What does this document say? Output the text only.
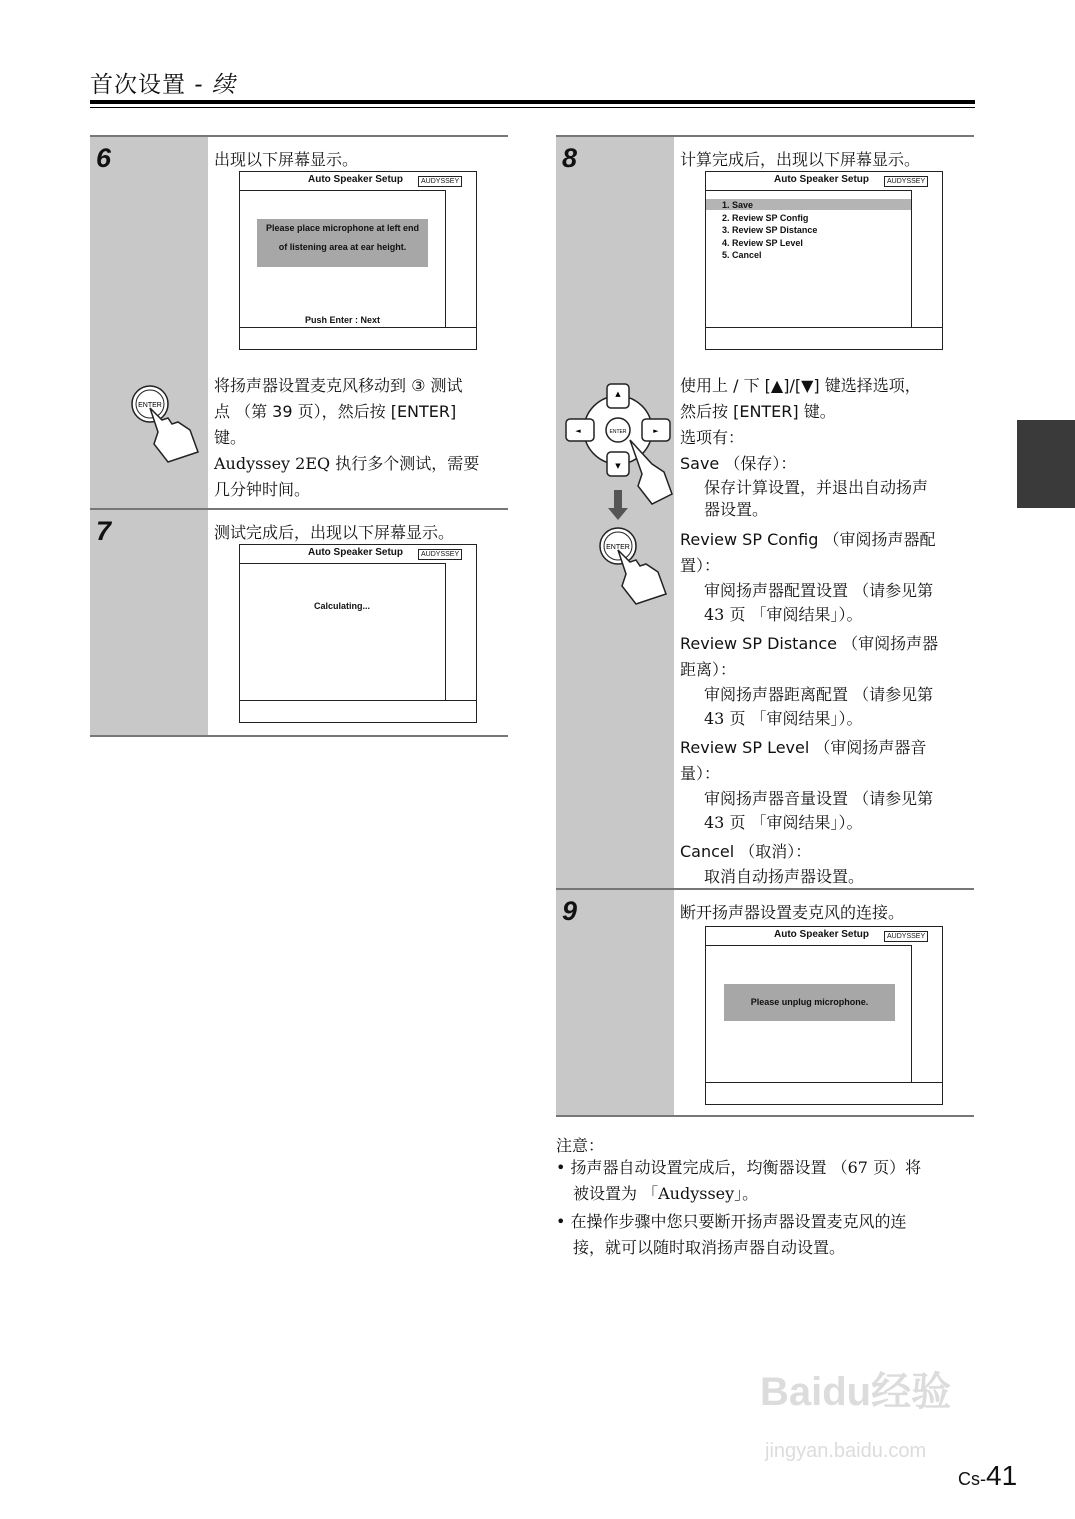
首次设置 - 续
6	出现以下屏幕显示。
Auto Speaker Setup	AUDYSSEY
Please place microphone at left end
of listening area at ear height.
Push Enter : Next
ENTER
将扬声器设置麦克风移动到 ③ 测试
点 （第 39 页），然后按 [ENTER]
键。
Audyssey 2EQ 执行多个测试，需要
几分钟时间。
7	测试完成后，出现以下屏幕显示。
Auto Speaker Setup	AUDYSSEY
Calculating...
8	计算完成后，出现以下屏幕显示。
Auto Speaker Setup	AUDYSSEY
1. Save
2. Review SP Config
3. Review SP Distance
4. Review SP Level
5. Cancel
▲
▼
◄	►
ENTER
ENTER
使用上 / 下 [▲]/[▼] 键选择选项，
然后按 [ENTER] 键。
选项有：
Save （保存）：
保存计算设置，并退出自动扬声
器设置。
Review SP Config （审阅扬声器配
置）：
审阅扬声器配置设置 （请参见第
43 页 「审阅结果」）。
Review SP Distance （审阅扬声器
距离）：
审阅扬声器距离配置 （请参见第
43 页 「审阅结果」）。
Review SP Level （审阅扬声器音
量）：
审阅扬声器音量设置 （请参见第
43 页 「审阅结果」）。
Cancel （取消）：
取消自动扬声器设置。
9	断开扬声器设置麦克风的连接。
Auto Speaker Setup	AUDYSSEY
Please unplug microphone.
注意：
• 扬声器自动设置完成后，均衡器设置 （67 页）将
被设置为 「Audyssey」。
• 在操作步骤中您只要断开扬声器设置麦克风的连
接，就可以随时取消扬声器自动设置。
Baidu经验
jingyan.baidu.com
Cs-41
